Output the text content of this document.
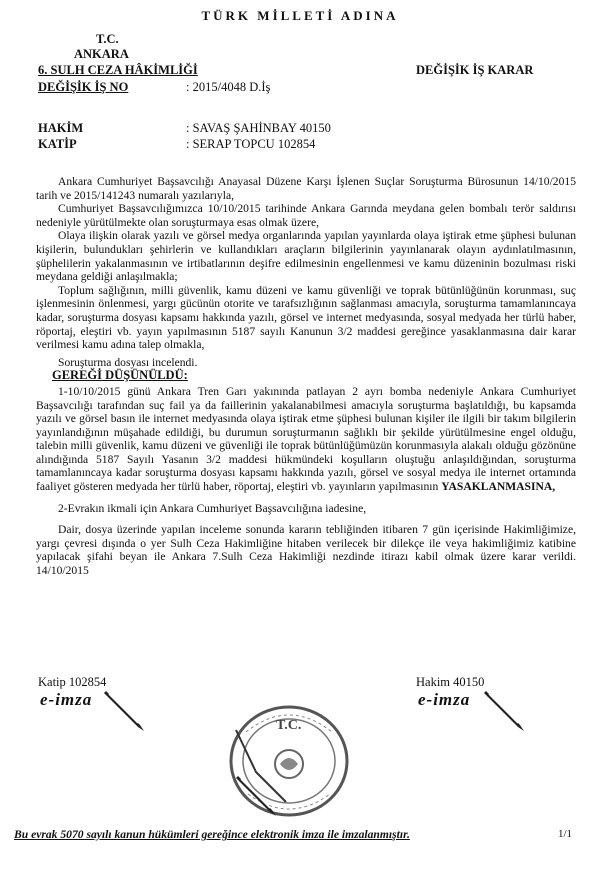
TÜRK MİLLETİ ADINA
T.C.
ANKARA
6. SULH CEZA HÂKİMLİĞİ	DEĞİŞİK İŞ KARAR
DEĞİŞİK İŞ NO	: 2015/4048 D.İş
HAKİM	: SAVAŞ ŞAHİNBAY 40150
KATİP	: SERAP TOPCU 102854

Ankara Cumhuriyet Başsavcılığı Anayasal Düzene Karşı İşlenen Suçlar Soruşturma Bürosunun 14/10/2015 tarih ve 2015/141243 numaralı yazılarıyla,

Cumhuriyet Başsavcılığımızca 10/10/2015 tarihinde Ankara Garında meydana gelen bombalı terör saldırısı nedeniyle yürütülmekte olan soruşturmaya esas olmak üzere,

Olaya ilişkin olarak yazılı ve görsel medya organlarında yapılan yayınlarda olaya iştirak etme şüphesi bulunan kişilerin, bulundukları şehirlerin ve kullandıkları araçların bilgilerinin yayınlanarak olayın aydınlatılmasının, şüphelilerin yakalanmasının ve irtibatlarının deşifre edilmesinin engellenmesi ve kamu düzeninin bozulması riski meydana geldiği anlaşılmakla;

Toplum sağlığının, milli güvenlik, kamu düzeni ve kamu güvenliği ve toprak bütünlüğünün korunması, suç işlenmesinin önlenmesi, yargı gücünün otorite ve tarafsızlığının sağlanması amacıyla, soruşturma tamamlanıncaya kadar, soruşturma dosyası kapsamı hakkında yazılı, görsel ve internet medyasında, sosyal medyada her türlü haber, röportaj, eleştiri vb. yayın yapılmasının 5187 sayılı Kanunun 3/2 maddesi gereğince yasaklanmasına dair karar verilmesi kamu adına talep olmakla,

Soruşturma dosyası incelendi.

GEREĞİ DÜŞÜNÜLDÜ:

1-10/10/2015 günü Ankara Tren Garı yakınında patlayan 2 ayrı bomba nedeniyle Ankara Cumhuriyet Başsavcılığı tarafından suç fail ya da faillerinin yakalanabilmesi amacıyla soruşturma başlatıldığı, bu kapsamda yazılı ve görsel basın ile internet medyasında olaya iştirak etme şüphesi bulunan kişiler ile ilgili bir takım bilgilerin yayınlandığının müşahade edildiği, bu durumun soruşturmanın sağlıklı bir şekilde yürütülmesine engel olduğu, talebin milli güvenlik, kamu düzeni ve güvenliği ile toprak bütünlüğümüzün korunmasıyla alakalı olduğu gözönüne alındığında 5187 Sayılı Yasanın 3/2 maddesi hükmündeki koşulların oluştuğu anlaşıldığından, soruşturma tamamlanıncaya kadar soruşturma dosyası kapsamı hakkında yazılı, görsel ve sosyal medya ile internet ortamında faaliyet gösteren medyada her türlü haber, röportaj, eleştiri vb. yayınların yapılmasının YASAKLANMASINA,

2-Evrakın ikmali için Ankara Cumhuriyet Başsavcılığına iadesine,

Dair, dosya üzerinde yapılan inceleme sonunda kararın tebliğinden itibaren 7 gün içerisinde Hakimliğimize, yargı çevresi dışında o yer Sulh Ceza Hakimliğine hitaben verilecek bir dilekçe ile veya hakimliğimiz katibine yapılacak şifahi beyan ile Ankara 7.Sulh Ceza Hakimliği nezdinde itirazı kabil olmak üzere karar verildi. 14/10/2015

Katip 102854
e-imza
Hakim 40150
e-imza
T.C.
Bu evrak 5070 sayılı kanun hükümleri gereğince elektronik imza ile imzalanmıştır.	1/1
